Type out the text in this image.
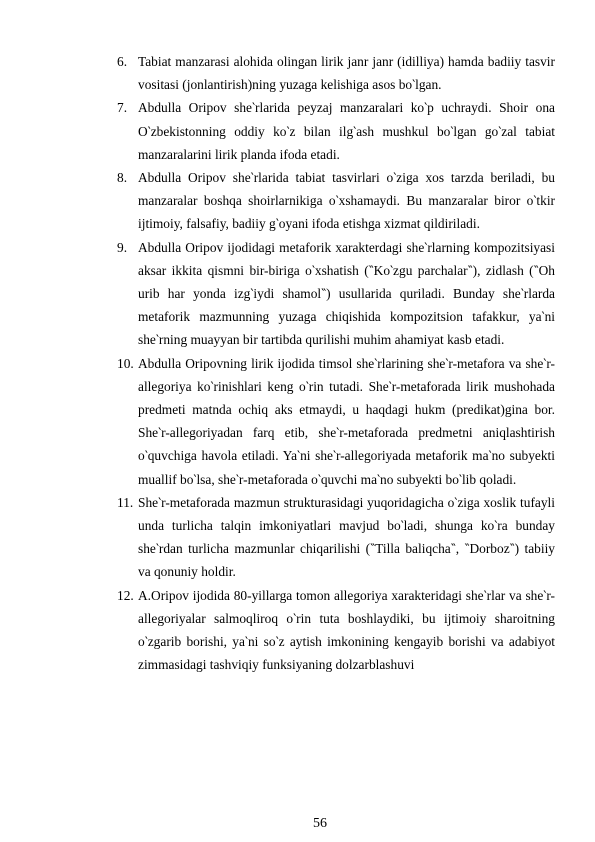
6. Tabiat manzarasi alohida olingan lirik janr janr (idilliya) hamda badiiy tasvir vositasi (jonlantirish)ning yuzaga kelishiga asos bo‵lgan.
7. Abdulla Oripov she‵rlarida peyzaj manzaralari ko‵p uchraydi. Shoir ona O‵zbekistonning oddiy ko‵z bilan ilg‵ash mushkul bo‵lgan go‵zal tabiat manzaralarini lirik planda ifoda etadi.
8. Abdulla Oripov she‵rlarida tabiat tasvirlari o‵ziga xos tarzda beriladi, bu manzaralar boshqa shoirlarnikiga o‵xshamaydi. Bu manzaralar biror o‵tkir ijtimoiy, falsafiy, badiiy g‵oyani ifoda etishga xizmat qildiriladi.
9. Abdulla Oripov ijodidagi metaforik xarakterdagi she‵rlarning kompozitsiyasi aksar ikkita qismni bir-biriga o‵xshatish (‶Ko‵zgu parchalar‶), zidlash (‶Oh urib har yonda izg‵iydi shamol‶) usullarida quriladi. Bunday she‵rlarda metaforik mazmunning yuzaga chiqishida kompozitsion tafakkur, ya‵ni she‵rning muayyan bir tartibda qurilishi muhim ahamiyat kasb etadi.
10. Abdulla Oripovning lirik ijodida timsol she‵rlarining she‵r-metafora va she‵r-allegoriya ko‵rinishlari keng o‵rin tutadi. She‵r-metaforada lirik mushohada predmeti matnda ochiq aks etmaydi, u haqdagi hukm (predikat)gina bor. She‵r-allegoriyadan farq etib, she‵r-metaforada predmetni aniqlashtirish o‵quvchiga havola etiladi. Ya‵ni she‵r-allegoriyada metaforik ma‵no subyekti muallif bo‵lsa, she‵r-metaforada o‵quvchi ma‵no subyekti bo‵lib qoladi.
11. She‵r-metaforada mazmun strukturasidagi yuqoridagicha o‵ziga xoslik tufayli unda turlicha talqin imkoniyatlari mavjud bo‵ladi, shunga ko‵ra bunday she‵rdan turlicha mazmunlar chiqarilishi (‶Tilla baliqcha‶, ‶Dorboz‶) tabiiy va qonuniy holdir.
12. A.Oripov ijodida 80-yillarga tomon allegoriya xarakteridagi she‵rlar va she‵r-allegoriyalar salmoqliroq o‵rin tuta boshlaydiki, bu ijtimoiy sharoitning o‵zgarib borishi, ya‵ni so‵z aytish imkonining kengayib borishi va adabiyot zimmasidagi tashviqiy funksiyaning dolzarblashuvi
56
